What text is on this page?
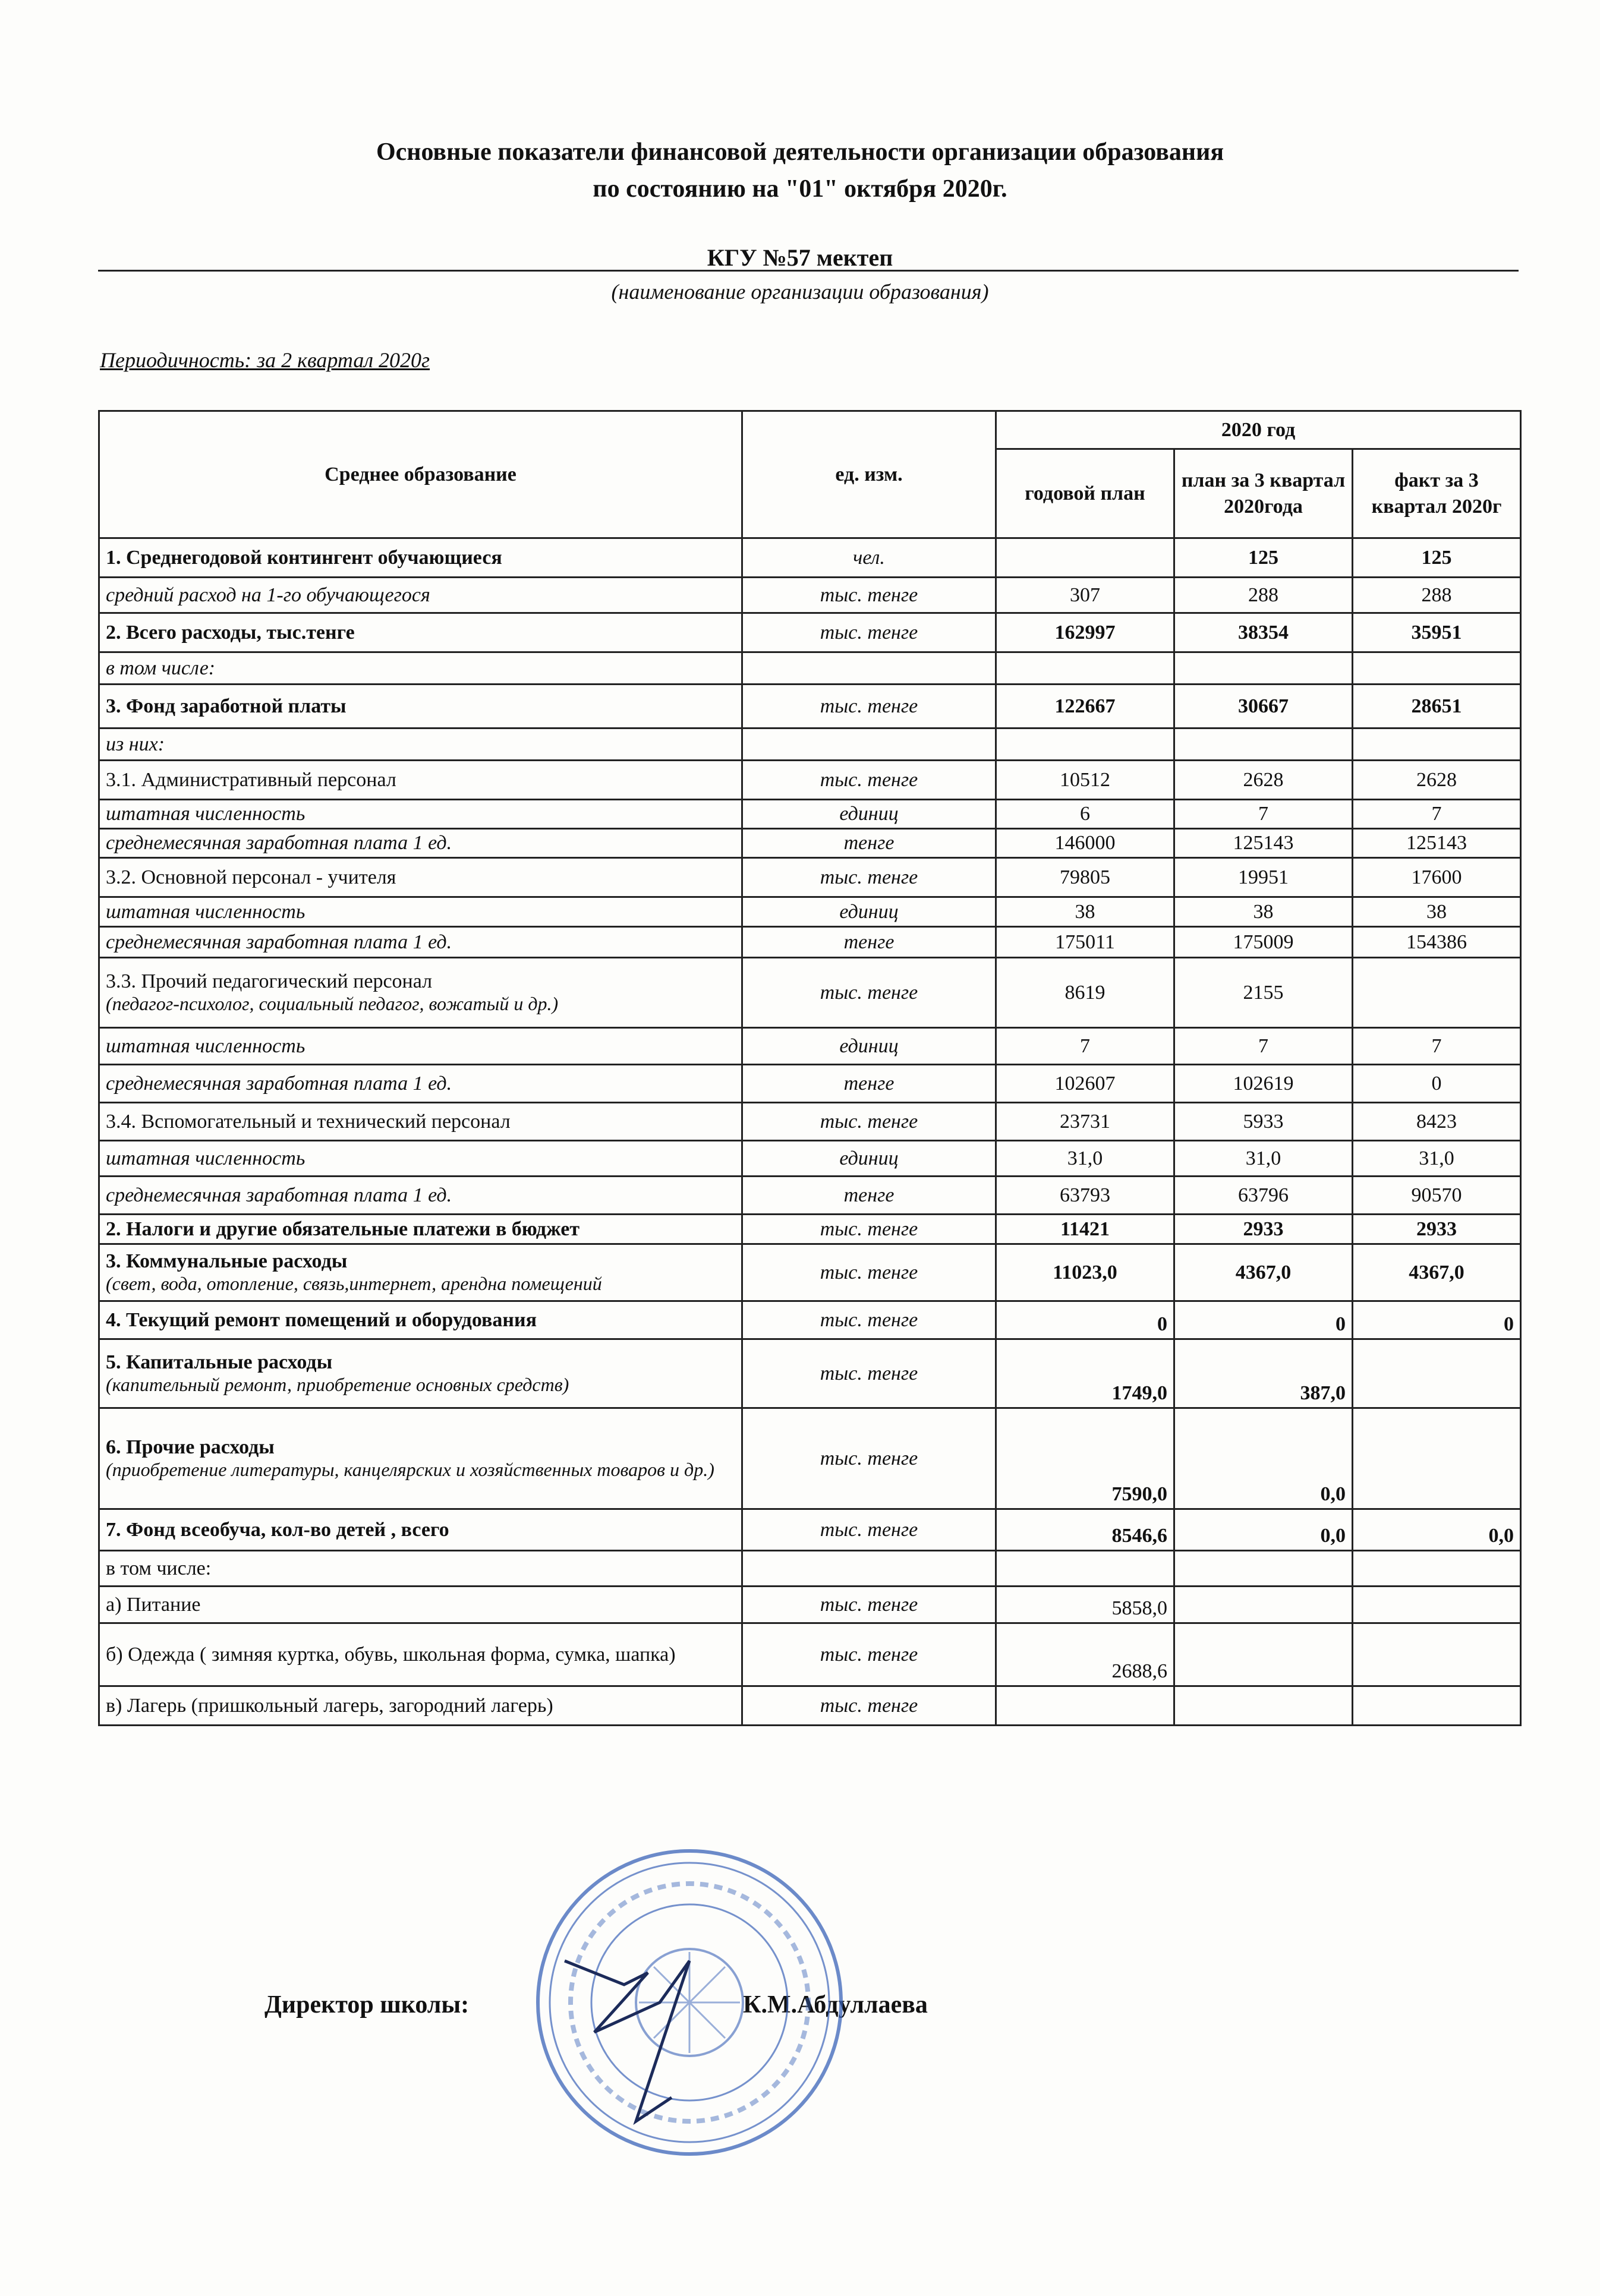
Основные показатели финансовой деятельности организации образования
по состоянию на "01" октября 2020г.
КГУ №57 мектеп
(наименование организации образования)
Периодичность: за 2 квартал 2020г
Среднее образование	ед. изм.	2020 год		
		годовой план	план за 3 квартал 2020года	факт за 3 квартал 2020г
1. Среднегодовой контингент обучающиеся	чел.		125	125
средний расход на 1-го обучающегося	тыс. тенге	307	288	288
2. Всего расходы, тыс.тенге	тыс. тенге	162997	38354	35951
в том числе:				
3. Фонд заработной платы	тыс. тенге	122667	30667	28651
из них:				
3.1. Административный персонал	тыс. тенге	10512	2628	2628
штатная численность	единиц	6	7	7
среднемесячная заработная плата 1 ед.	тенге	146000	125143	125143
3.2. Основной персонал - учителя	тыс. тенге	79805	19951	17600
штатная численность	единиц	38	38	38
среднемесячная заработная плата 1 ед.	тенге	175011	175009	154386
3.3. Прочий педагогический персонал
(педагог-психолог, социальный педагог, вожатый и др.)	тыс. тенге	8619	2155	
штатная численность	единиц	7	7	7
среднемесячная заработная плата 1 ед.	тенге	102607	102619	0
3.4. Вспомогательный и технический персонал	тыс. тенге	23731	5933	8423
штатная численность	единиц	31,0	31,0	31,0
среднемесячная заработная плата 1 ед.	тенге	63793	63796	90570
2. Налоги и другие обязательные платежи в бюджет	тыс. тенге	11421	2933	2933
3. Коммунальные расходы
(свет, вода, отопление, связь,интернет, арендна помещений	тыс. тенге	11023,0	4367,0	4367,0
4. Текущий ремонт помещений и оборудования	тыс. тенге	0	0	0
5. Капитальные расходы
(капительный ремонт, приобретение основных средств)	тыс. тенге	1749,0	387,0	
6. Прочие расходы
(приобретение литературы, канцелярских и хозяйственных товаров и др.)	тыс. тенге	7590,0	0,0	
7. Фонд всеобуча, кол-во детей , всего	тыс. тенге	8546,6	0,0	0,0
в том числе:				
а) Питание	тыс. тенге	5858,0		
б) Одежда ( зимняя куртка, обувь, школьная форма, сумка, шапка)	тыс. тенге	2688,6		
в) Лагерь (пришкольный лагерь, загородний лагерь)	тыс. тенге			
Директор школы:	К.М.Абдуллаева
